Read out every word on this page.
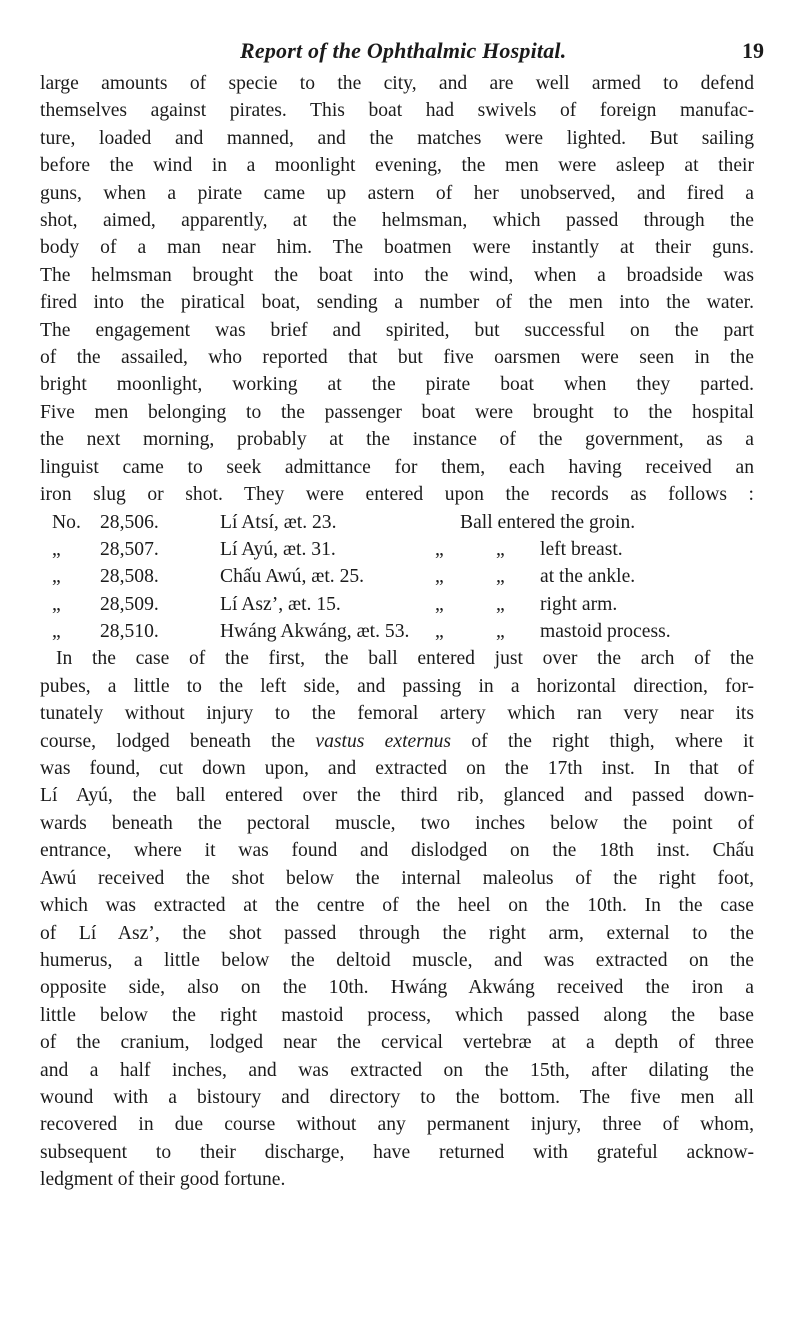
Report of the Ophthalmic Hospital.	19

large amounts of specie to the city, and are well armed to defend

themselves against pirates. This boat had swivels of foreign manufac-

ture, loaded and manned, and the matches were lighted. But sailing

before the wind in a moonlight evening, the men were asleep at their

guns, when a pirate came up astern of her unobserved, and fired a

shot, aimed, apparently, at the helmsman, which passed through the

body of a man near him. The boatmen were instantly at their guns.

The helmsman brought the boat into the wind, when a broadside was

fired into the piratical boat, sending a number of the men into the water.

The engagement was brief and spirited, but successful on the part

of the assailed, who reported that but five oarsmen were seen in the

bright moonlight, working at the pirate boat when they parted.

Five men belonging to the passenger boat were brought to the hospital

the next morning, probably at the instance of the government, as a

linguist came to seek admittance for them, each having received an

iron slug or shot. They were entered upon the records as follows :

No. 28,506.	Lí Atsí, æt. 23.	Ball entered the groin.
„	28,507.	Lí Ayú, æt. 31.	„	„ left breast.
„	28,508.	Chấu Awú, æt. 25.	„	„ at the ankle.
„	28,509.	Lí Asz’, æt. 15.	„	„ right arm.
„	28,510.	Hwáng Akwáng, æt. 53. „	„ mastoid process.

In the case of the first, the ball entered just over the arch of the

pubes, a little to the left side, and passing in a horizontal direction, for-

tunately without injury to the femoral artery which ran very near its

course, lodged beneath the vastus externus of the right thigh, where it

was found, cut down upon, and extracted on the 17th inst. In that of

Lí Ayú, the ball entered over the third rib, glanced and passed down-

wards beneath the pectoral muscle, two inches below the point of

entrance, where it was found and dislodged on the 18th inst. Chấu

Awú received the shot below the internal maleolus of the right foot,

which was extracted at the centre of the heel on the 10th. In the case

of Lí Asz’, the shot passed through the right arm, external to the

humerus, a little below the deltoid muscle, and was extracted on the

opposite side, also on the 10th. Hwáng Akwáng received the iron a

little below the right mastoid process, which passed along the base

of the cranium, lodged near the cervical vertebræ at a depth of three

and a half inches, and was extracted on the 15th, after dilating the

wound with a bistoury and directory to the bottom. The five men all

recovered in due course without any permanent injury, three of whom,

subsequent to their discharge, have returned with grateful acknow-

ledgment of their good fortune.
